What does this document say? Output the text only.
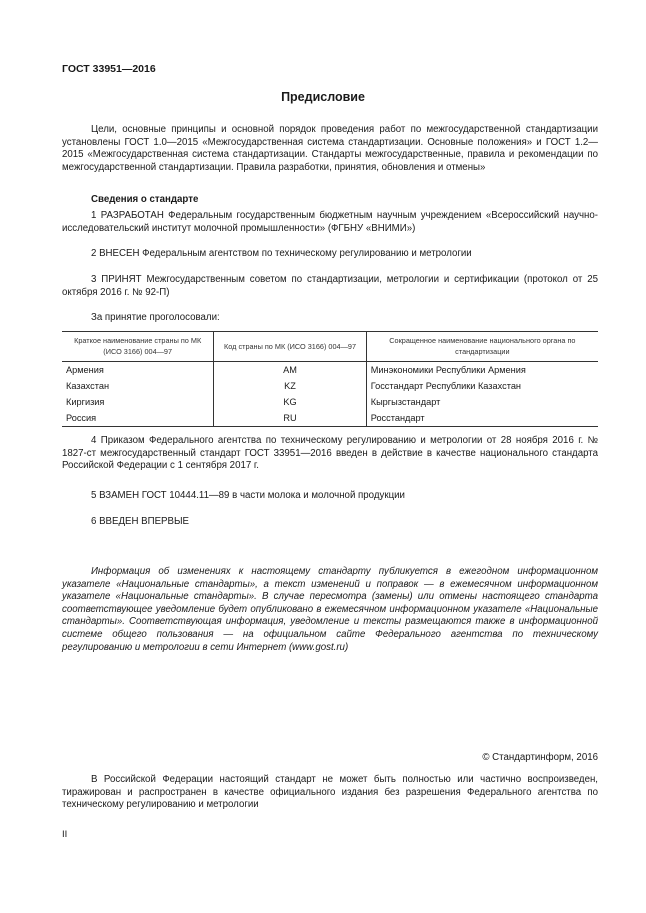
ГОСТ 33951—2016
Предисловие
Цели, основные принципы и основной порядок проведения работ по межгосударственной стандартизации установлены ГОСТ 1.0—2015 «Межгосударственная система стандартизации. Основные положения» и ГОСТ 1.2—2015 «Межгосударственная система стандартизации. Стандарты межгосударственные, правила и рекомендации по межгосударственной стандартизации. Правила разработки, принятия, обновления и отмены»
Сведения о стандарте
1 РАЗРАБОТАН Федеральным государственным бюджетным научным учреждением «Всероссийский научно-исследовательский институт молочной промышленности» (ФГБНУ «ВНИМИ»)
2 ВНЕСЕН Федеральным агентством по техническому регулированию и метрологии
3 ПРИНЯТ Межгосударственным советом по стандартизации, метрологии и сертификации (протокол от 25 октября 2016 г. № 92-П)
За принятие проголосовали:
Краткое наименование страны по МК (ИСО 3166) 004—97	Код страны по МК (ИСО 3166) 004—97	Сокращенное наименование национального органа по стандартизации
Армения	AM	Минэкономики Республики Армения
Казахстан	KZ	Госстандарт Республики Казахстан
Киргизия	KG	Кыргызстандарт
Россия	RU	Росстандарт
4 Приказом Федерального агентства по техническому регулированию и метрологии от 28 ноября 2016 г. № 1827-ст межгосударственный стандарт ГОСТ 33951—2016 введен в действие в качестве национального стандарта Российской Федерации с 1 сентября 2017 г.
5 ВЗАМЕН ГОСТ 10444.11—89 в части молока и молочной продукции
6 ВВЕДЕН ВПЕРВЫЕ
Информация об изменениях к настоящему стандарту публикуется в ежегодном информационном указателе «Национальные стандарты», а текст изменений и поправок — в ежемесячном информационном указателе «Национальные стандарты». В случае пересмотра (замены) или отмены настоящего стандарта соответствующее уведомление будет опубликовано в ежемесячном информационном указателе «Национальные стандарты». Соответствующая информация, уведомление и тексты размещаются также в информационной системе общего пользования — на официальном сайте Федерального агентства по техническому регулированию и метрологии в сети Интернет (www.gost.ru)
© Стандартинформ, 2016
В Российской Федерации настоящий стандарт не может быть полностью или частично воспроизведен, тиражирован и распространен в качестве официального издания без разрешения Федерального агентства по техническому регулированию и метрологии
II
